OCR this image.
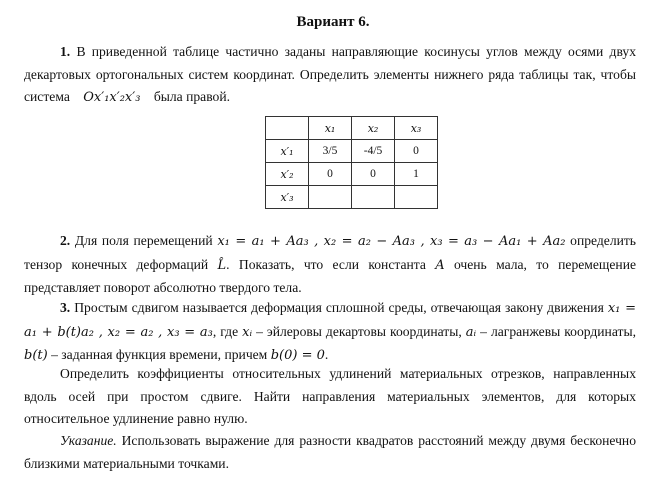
Вариант 6.
1. В приведенной таблице частично заданы направляющие косинусы углов между осями двух декартовых ортогональных систем координат. Определить элементы нижнего ряда таблицы так, чтобы система Ox′₁x′₂x′₃ была правой.
	x₁	x₂	x₃
x′₁	3/5	-4/5	0
x′₂	0	0	1
x′₃			
2. Для поля перемещений x₁ = a₁ + Aa₃ , x₂ = a₂ − Aa₃ , x₃ = a₃ − Aa₁ + Aa₂ определить тензор конечных деформаций L̂. Показать, что если константа A очень мала, то перемещение представляет поворот абсолютно твердого тела.
3. Простым сдвигом называется деформация сплошной среды, отвечающая закону движения x₁ = a₁ + b(t)a₂ , x₂ = a₂ , x₃ = a₃, где xᵢ – эйлеровы декартовы координаты, aᵢ – лагранжевы координаты, b(t) – заданная функция времени, причем b(0) = 0.
Определить коэффициенты относительных удлинений материальных отрезков, направленных вдоль осей при простом сдвиге. Найти направления материальных элементов, для которых относительное удлинение равно нулю.
Указание. Использовать выражение для разности квадратов расстояний между двумя бесконечно близкими материальными точками.
